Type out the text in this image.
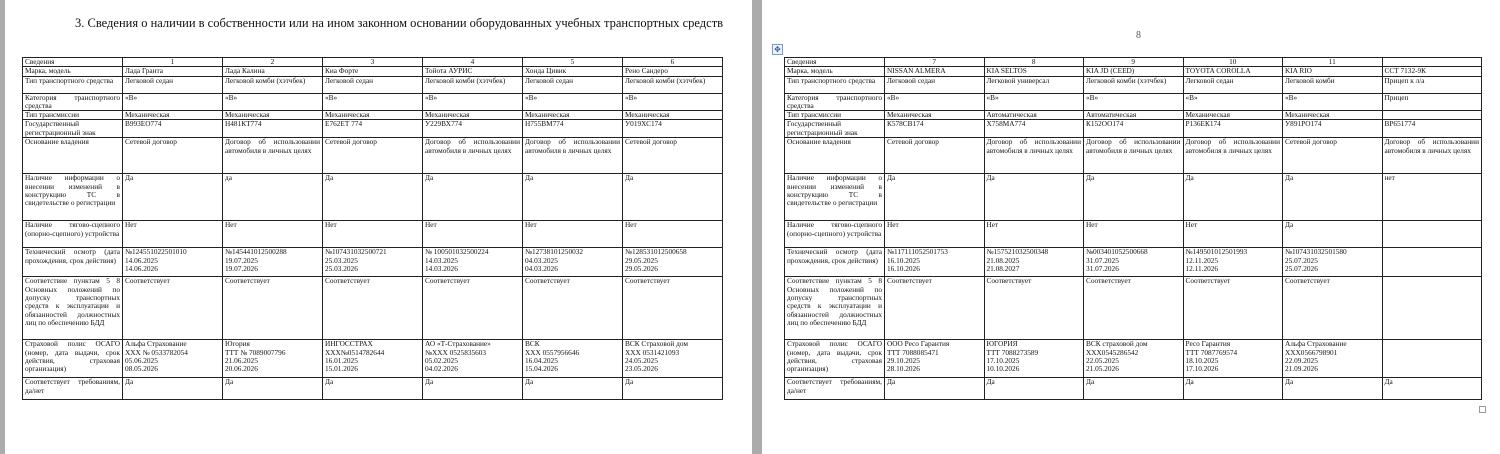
3. Сведения о наличии в собственности или на ином законном основании оборудованных учебных транспортных средств
Сведения	1	2	3	4	5	6
Марка, модель	Лада Гранта	Лада Калина	Киа Форте	Тойота АУРИС	Хонда Цивик	Рено Сандеро
Тип транспортного средства	Легковой седан	Легковой комби (хэтчбек)	Легковой седан	Легковой комби (хэтчбек)	Легковой седан	Легковой комби (хэтчбек)
Категория транспортного средства	«В»	«В»	«В»	«В»	«В»	«В»
Тип трансмиссии	Механическая	Механическая	Механическая	Механическая	Механическая	Механическая
Государственный регистрационный знак	В993ЕО774	Н481КТ774	Е762ЕТ 774	У229ВХ774	Н755ВМ774	У019ХС174
Основание владения	Сетевой договор	Договор об использовании автомобиля в личных целях	Сетевой договор	Договор об использовании автомобиля в личных целях	Договор об использовании автомобиля в личных целях	Сетевой договор
Наличие информации о внесении изменений в конструкцию ТС в свидетельстве о регистрации	Да	да	Да	Да	Да	Да
Наличие тягово-сцепного (опорно-сцепного) устройства	Нет	Нет	Нет	Нет	Нет	Нет
Технический осмотр (дата прохождения, срок действия)	№124551022501010
14.06.2025
14.06.2026	№145441012500288
19.07.2025
19.07.2026	№107431032500721
25.03.2025
25.03.2026	№ 100501032500224
14.03.2025
14.03.2026	№12738101250032
04.03.2025
04.03.2026	№128531012500658
29.05.2025
29.05.2026
Соответствие пунктам 5 8 Основных положений по допуску транспортных средств к эксплуатации и обязанностей должностных лиц по обеспечению БДД	Соответствует	Соответствует	Соответствует	Соответствует	Соответствует	Соответствует
Страховой полис ОСАГО (номер, дата выдачи, срок действия, страховая организация)	Альфа Страхование
ХХХ № 0533782054
05.06.2025
08.05.2026	Югория
ТТТ № 7089007796
21.06.2025
20.06.2026	ИНГОССТРАХ
ХХХ№0514782644
16.01.2025
15.01.2026	АО «Т-Страхование»
№ХХХ 0525835603
05.02.2025
04.02.2026	ВСК
ХХХ 0557956646
16.04.2025
15.04.2026	ВСК Страховой дом
ХХХ 0531421093
24.05.2025
23.05.2026
Соответствует требованиям, да/нет	Да	Да	Да	Да	Да	Да
8
✥
Сведения	7	8	9	10	11	
Марка, модель	NISSAN ALMERA	KIA SELTOS	KIA JD (CEED)	TOYOTA COROLLA	KIA RIO	ССТ 7132-9К
Тип транспортного средства	Легковой седан	Легковой универсал	Легковой комби (хэтчбек)	Легковой седан	Легковой комби	Прицеп к л/а
Категория транспортного средства	«В»	«В»	«В»	«В»	«В»	Прицеп
Тип трансмиссии	Механическая	Автоматическая	Автоматическая	Механическая	Механическая	
Государственный регистрационный знак	К578СВ174	Х758МА774	К152ОО174	Р136ЕК174	У891РО174	ВР651774
Основание владения	Сетевой договор	Договор об использовании автомобиля в личных целях	Договор об использовании автомобиля в личных целях	Договор об использовании автомобиля в личных целях	Сетевой договор	Договор об использовании автомобиля в личных целях
Наличие информации о внесении изменений в конструкцию ТС в свидетельстве о регистрации	Да	Да	Да	Да	Да	нет
Наличие тягово-сцепного (опорно-сцепного) устройства	Нет	Нет	Нет	Нет	Да	
Технический осмотр (дата прохождения, срок действия)	№117111052501753
16.10.2025
16.10.2026	№157521032500348
21.08.2025
21.08.2027	№003401052500668
31.07.2025
31.07.2026	№149501012501993
12.11.2025
12.11.2026	№107431032501580
25.07.2025
25.07.2026	
Соответствие пунктам 5 8 Основных положений по допуску транспортных средств к эксплуатации и обязанностей должностных лиц по обеспечению БДД	Соответствует	Соответствует	Соответствует	Соответствует	Соответствует	
Страховой полис ОСАГО (номер, дата выдачи, срок действия, страховая организация)	ООО Ресо Гарантия
ТТТ 7088085471
29.10.2025
28.10.2026	ЮГОРИЯ
ТТТ 7088273589
17.10.2025
10.10.2026	ВСК страховой дом
ХХХ0545286542
22.05.2025
21.05.2026	Ресо Гарантия
ТТТ 7087769574
18.10.2025
17.10.2026	Альфа Страхование
ХХХ0566798901
22.09.2025
21.09.2026	
Соответствует требованиям, да/нет	Да	Да	Да	Да	Да	Да
